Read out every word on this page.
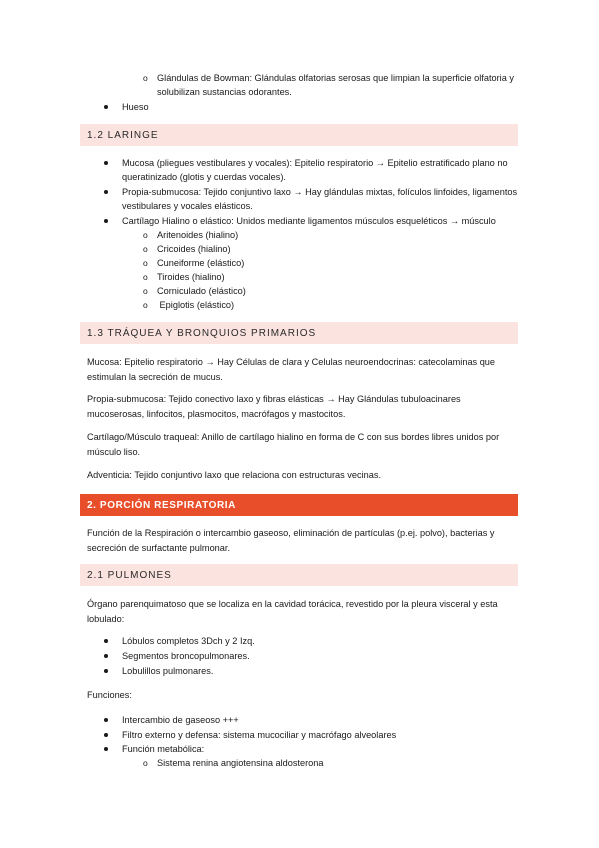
o Glándulas de Bowman: Glándulas olfatorias serosas que limpian la superficie olfatoria y solubilizan sustancias odorantes.
Hueso
1.2 LARINGE
Mucosa (pliegues vestibulares y vocales): Epitelio respiratorio → Epitelio estratificado plano no queratinizado (glotis y cuerdas vocales).
Propia-submucosa: Tejido conjuntivo laxo → Hay glándulas mixtas, folículos linfoides, ligamentos vestibulares y vocales elásticos.
Cartílago Hialino o elástico: Unidos mediante ligamentos músculos esqueléticos → músculo
o Aritenoides (hialino)
o Cricoides (hialino)
o Cuneiforme (elástico)
o Tiroides (hialino)
o Corniculado (elástico)
o Epiglotis (elástico)
1.3 TRÁQUEA Y BRONQUIOS PRIMARIOS
Mucosa: Epitelio respiratorio → Hay Células de clara y Celulas neuroendocrinas: catecolaminas que estimulan la secreción de mucus.
Propia-submucosa: Tejido conectivo laxo y fibras elásticas → Hay Glándulas tubuloacinares mucoserosas, linfocitos, plasmocitos, macrófagos y mastocitos.
Cartílago/Músculo traqueal: Anillo de cartílago hialino en forma de C con sus bordes libres unidos por músculo liso.
Adventicia: Tejido conjuntivo laxo que relaciona con estructuras vecinas.
2. PORCIÓN RESPIRATORIA
Función de la Respiración o intercambio gaseoso, eliminación de partículas (p.ej. polvo), bacterias y secreción de surfactante pulmonar.
2.1 PULMONES
Órgano parenquimatoso que se localiza en la cavidad torácica, revestido por la pleura visceral y esta lobulado:
Lóbulos completos 3Dch y 2 Izq.
Segmentos broncopulmonares.
Lobulillos pulmonares.
Funciones:
Intercambio de gaseoso +++
Filtro externo y defensa: sistema mucociliar y macrófago alveolares
Función metabólica:
o Sistema renina angiotensina aldosterona
